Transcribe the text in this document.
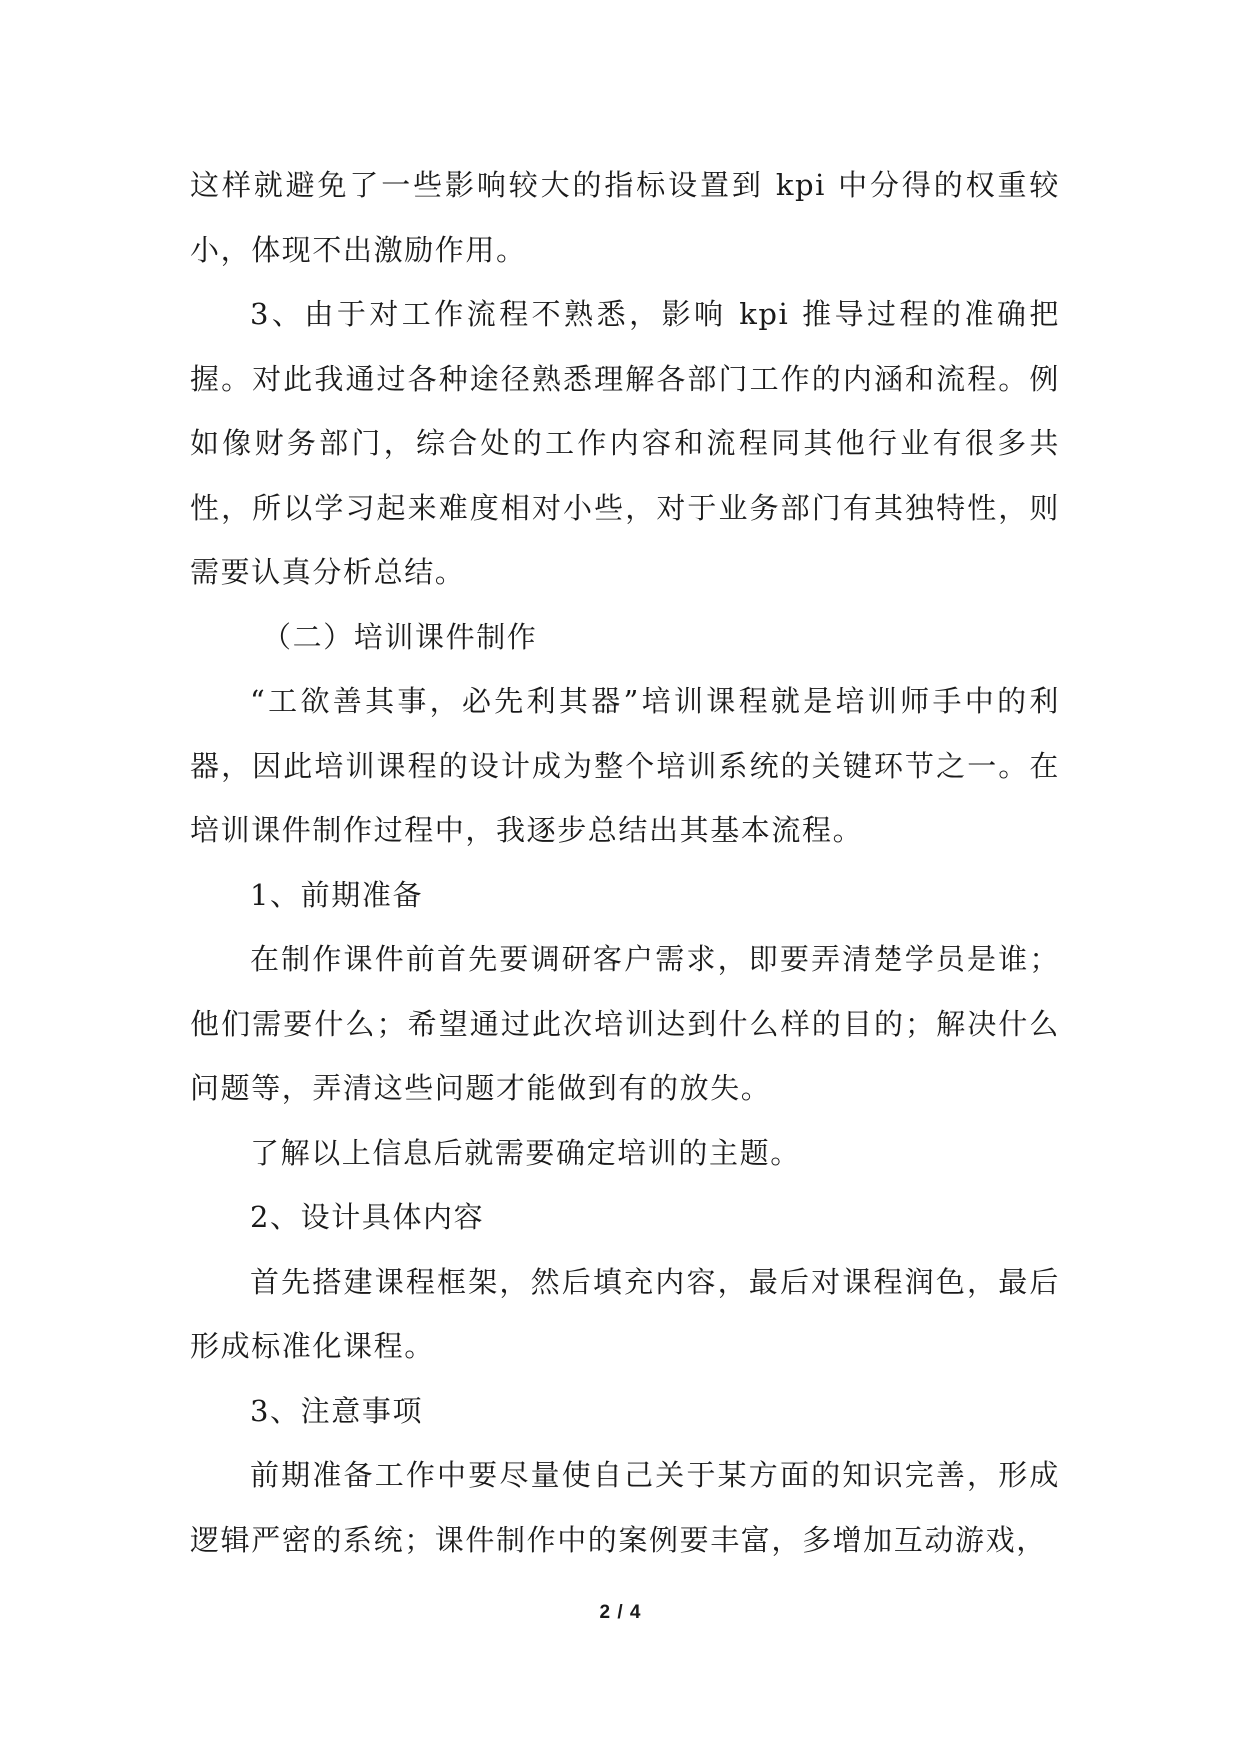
这样就避免了一些影响较大的指标设置到 kpi 中分得的权重较小，体现不出激励作用。

3、由于对工作流程不熟悉，影响 kpi 推导过程的准确把握。对此我通过各种途径熟悉理解各部门工作的内涵和流程。例如像财务部门，综合处的工作内容和流程同其他行业有很多共性，所以学习起来难度相对小些，对于业务部门有其独特性，则需要认真分析总结。

（二）培训课件制作

“工欲善其事，必先利其器”培训课程就是培训师手中的利器，因此培训课程的设计成为整个培训系统的关键环节之一。在培训课件制作过程中，我逐步总结出其基本流程。

1、前期准备

在制作课件前首先要调研客户需求，即要弄清楚学员是谁；他们需要什么；希望通过此次培训达到什么样的目的；解决什么问题等，弄清这些问题才能做到有的放失。

了解以上信息后就需要确定培训的主题。

2、设计具体内容

首先搭建课程框架，然后填充内容，最后对课程润色，最后形成标准化课程。

3、注意事项

前期准备工作中要尽量使自己关于某方面的知识完善，形成逻辑严密的系统；课件制作中的案例要丰富，多增加互动游戏，

2 / 4
